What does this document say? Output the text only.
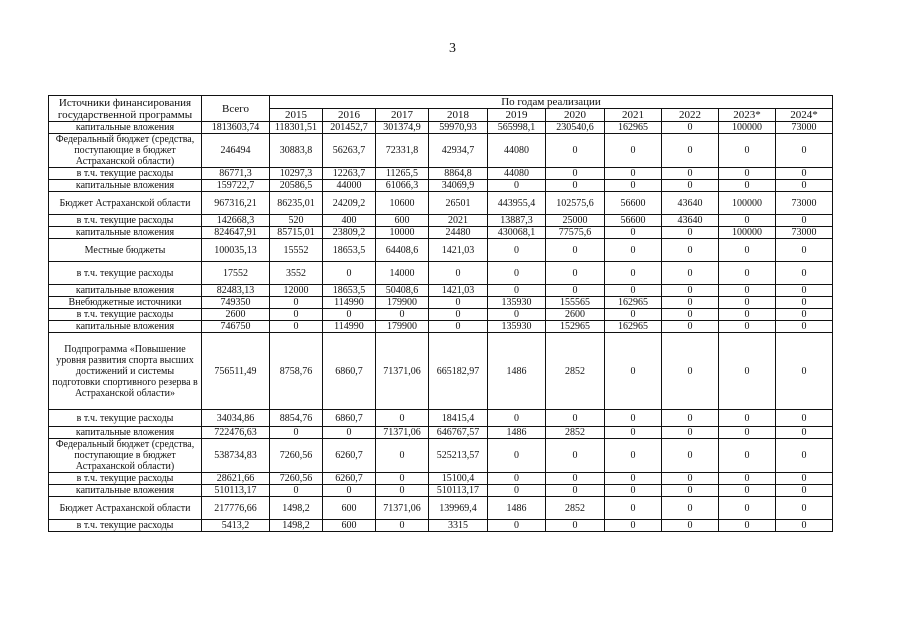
3
Источники финансирования государственной программы	Всего	По годам реализации									
		2015	2016	2017	2018	2019	2020	2021	2022	2023*	2024*
капитальные вложения	1813603,74	118301,51	201452,7	301374,9	59970,93	565998,1	230540,6	162965	0	100000	73000
Федеральный бюджет (средства, поступающие в бюджет Астраханской области)	246494	30883,8	56263,7	72331,8	42934,7	44080	0	0	0	0	0
в т.ч. текущие расходы	86771,3	10297,3	12263,7	11265,5	8864,8	44080	0	0	0	0	0
капитальные вложения	159722,7	20586,5	44000	61066,3	34069,9	0	0	0	0	0	0
Бюджет Астраханской области	967316,21	86235,01	24209,2	10600	26501	443955,4	102575,6	56600	43640	100000	73000
в т.ч. текущие расходы	142668,3	520	400	600	2021	13887,3	25000	56600	43640	0	0
капитальные вложения	824647,91	85715,01	23809,2	10000	24480	430068,1	77575,6	0	0	100000	73000
Местные бюджеты	100035,13	15552	18653,5	64408,6	1421,03	0	0	0	0	0	0
в т.ч. текущие расходы	17552	3552	0	14000	0	0	0	0	0	0	0
капитальные вложения	82483,13	12000	18653,5	50408,6	1421,03	0	0	0	0	0	0
Внебюджетные источники	749350	0	114990	179900	0	135930	155565	162965	0	0	0
в т.ч. текущие расходы	2600	0	0	0	0	0	2600	0	0	0	0
капитальные вложения	746750	0	114990	179900	0	135930	152965	162965	0	0	0
Подпрограмма «Повышение уровня развития спорта высших достижений и системы подготовки спортивного резерва в Астраханской области»	756511,49	8758,76	6860,7	71371,06	665182,97	1486	2852	0	0	0	0
в т.ч. текущие расходы	34034,86	8854,76	6860,7	0	18415,4	0	0	0	0	0	0
капитальные вложения	722476,63	0	0	71371,06	646767,57	1486	2852	0	0	0	0
Федеральный бюджет (средства, поступающие в бюджет Астраханской области)	538734,83	7260,56	6260,7	0	525213,57	0	0	0	0	0	0
в т.ч. текущие расходы	28621,66	7260,56	6260,7	0	15100,4	0	0	0	0	0	0
капитальные вложения	510113,17	0	0	0	510113,17	0	0	0	0	0	0
Бюджет Астраханской области	217776,66	1498,2	600	71371,06	139969,4	1486	2852	0	0	0	0
в т.ч. текущие расходы	5413,2	1498,2	600	0	3315	0	0	0	0	0	0
